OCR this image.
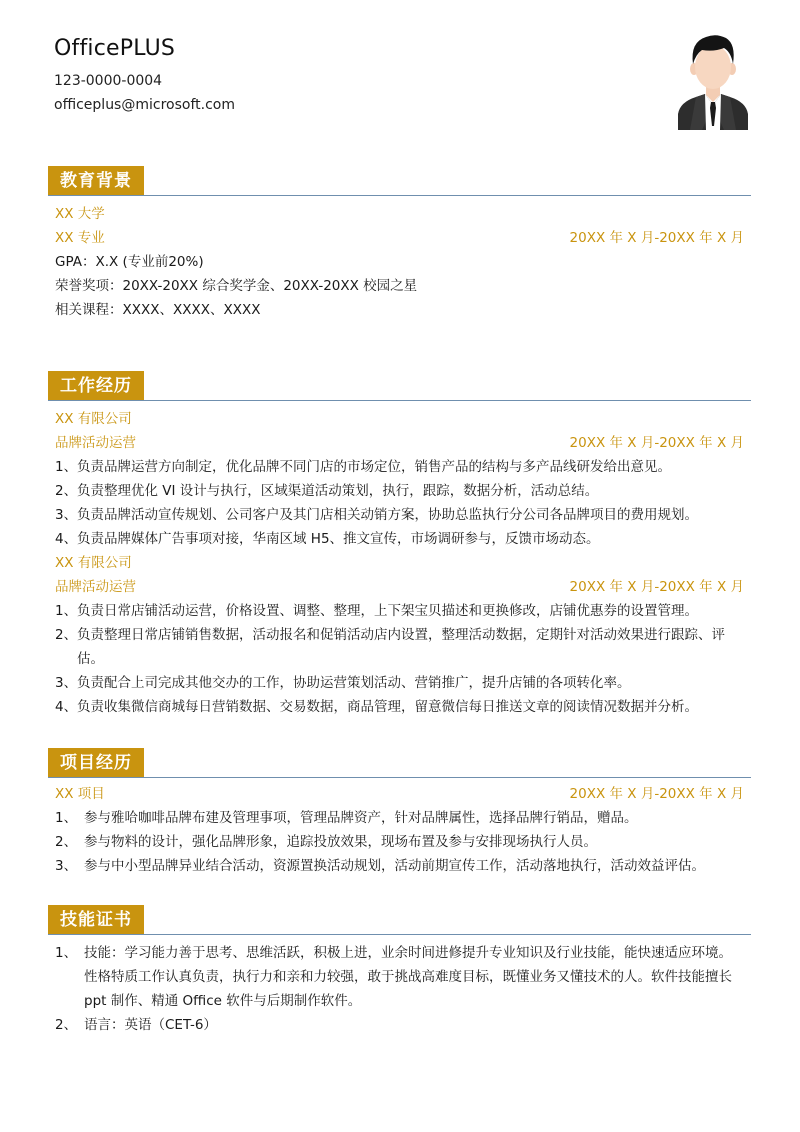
OfficePLUS
123-0000-0004
officeplus@microsoft.com
教育背景
XX 大学
XX 专业	20XX 年 X 月-20XX 年 X 月
GPA：X.X (专业前20%)
荣誉奖项：20XX-20XX 综合奖学金、20XX-20XX 校园之星
相关课程：XXXX、XXXX、XXXX
工作经历
XX 有限公司
品牌活动运营	20XX 年 X 月-20XX 年 X 月
1、 负责品牌运营方向制定，优化品牌不同门店的市场定位，销售产品的结构与多产品线研发给出意见。
2、 负责整理优化 VI 设计与执行，区域渠道活动策划，执行，跟踪，数据分析，活动总结。
3、 负责品牌活动宣传规划、公司客户及其门店相关动销方案，协助总监执行分公司各品牌项目的费用规划。
4、 负责品牌媒体广告事项对接，华南区域 H5、推文宣传，市场调研参与，反馈市场动态。
XX 有限公司
品牌活动运营	20XX 年 X 月-20XX 年 X 月
1、 负责日常店铺活动运营，价格设置、调整、整理，上下架宝贝描述和更换修改，店铺优惠券的设置管理。
2、 负责整理日常店铺销售数据，活动报名和促销活动店内设置，整理活动数据，定期针对活动效果进行跟踪、评估。
3、 负责配合上司完成其他交办的工作，协助运营策划活动、营销推广，提升店铺的各项转化率。
4、 负责收集微信商城每日营销数据、交易数据，商品管理，留意微信每日推送文章的阅读情况数据并分析。
项目经历
XX 项目	20XX 年 X 月-20XX 年 X 月
1、 参与雅哈咖啡品牌布建及管理事项，管理品牌资产，针对品牌属性，选择品牌行销品，赠品。
2、 参与物料的设计，强化品牌形象，追踪投放效果，现场布置及参与安排现场执行人员。
3、 参与中小型品牌异业结合活动，资源置换活动规划，活动前期宣传工作，活动落地执行，活动效益评估。
技能证书
1、 技能：学习能力善于思考、思维活跃，积极上进，业余时间进修提升专业知识及行业技能，能快速适应环境。性格特质工作认真负责，执行力和亲和力较强，敢于挑战高难度目标，既懂业务又懂技术的人。软件技能擅长 ppt 制作、精通 Office 软件与后期制作软件。
2、 语言：英语（CET-6）
